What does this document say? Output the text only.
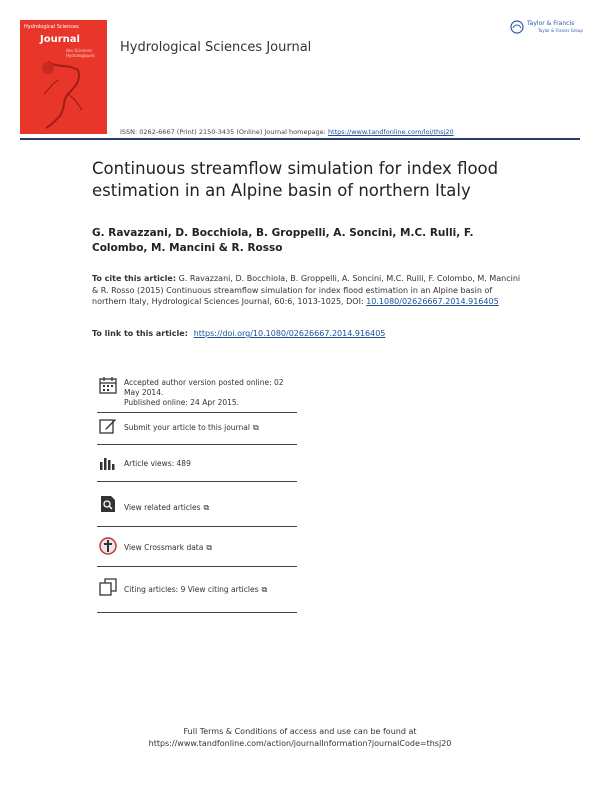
Hydrological Sciences
Journal
des Sciences Hydrologiques
Hydrological Sciences Journal
Taylor & Francis
Taylor & Francis Group
ISSN: 0262-6667 (Print) 2150-3435 (Online) Journal homepage: https://www.tandfonline.com/loi/thsj20
Continuous streamflow simulation for index flood estimation in an Alpine basin of northern Italy
G. Ravazzani, D. Bocchiola, B. Groppelli, A. Soncini, M.C. Rulli, F. Colombo, M. Mancini & R. Rosso
To cite this article: G. Ravazzani, D. Bocchiola, B. Groppelli, A. Soncini, M.C. Rulli, F. Colombo, M. Mancini & R. Rosso (2015) Continuous streamflow simulation for index flood estimation in an Alpine basin of northern Italy, Hydrological Sciences Journal, 60:6, 1013-1025, DOI: 10.1080/02626667.2014.916405
To link to this article: https://doi.org/10.1080/02626667.2014.916405
Accepted author version posted online: 02 May 2014.
Published online: 24 Apr 2015.
Submit your article to this journal ⧉
Article views: 489
View related articles ⧉
View Crossmark data ⧉
Citing articles: 9 View citing articles ⧉
Full Terms & Conditions of access and use can be found at
https://www.tandfonline.com/action/journalInformation?journalCode=thsj20
